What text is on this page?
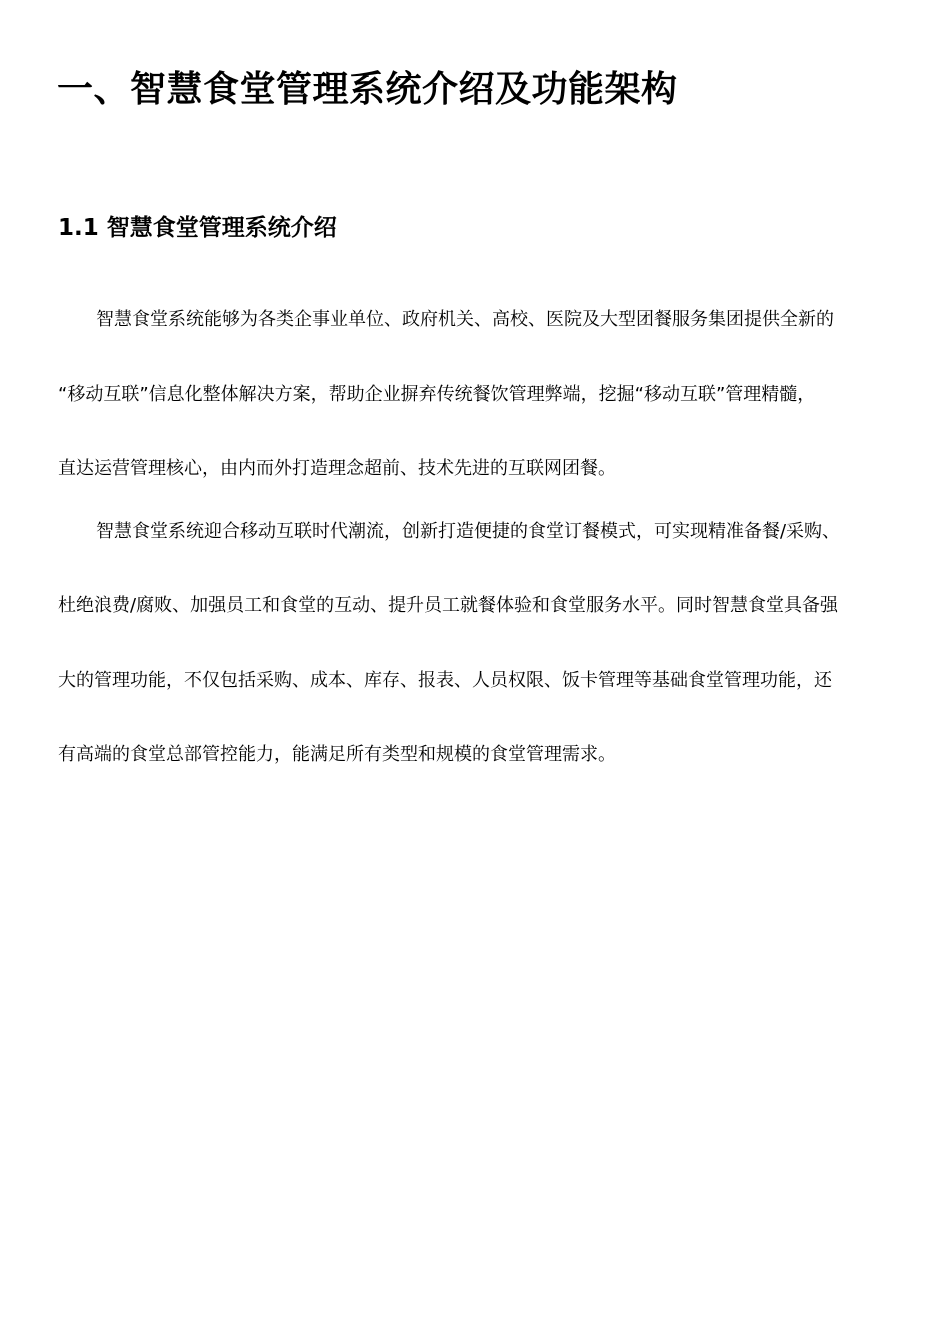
一、智慧食堂管理系统介绍及功能架构
1.1 智慧食堂管理系统介绍

智慧食堂系统能够为各类企事业单位、政府机关、高校、医院及大型团餐服务集团提供全新的

“移动互联”信息化整体解决方案，帮助企业摒弃传统餐饮管理弊端，挖掘“移动互联”管理精髓，

直达运营管理核心，由内而外打造理念超前、技术先进的互联网团餐。

智慧食堂系统迎合移动互联时代潮流，创新打造便捷的食堂订餐模式，可实现精准备餐/采购、

杜绝浪费/腐败、加强员工和食堂的互动、提升员工就餐体验和食堂服务水平。同时智慧食堂具备强

大的管理功能，不仅包括采购、成本、库存、报表、人员权限、饭卡管理等基础食堂管理功能，还

有高端的食堂总部管控能力，能满足所有类型和规模的食堂管理需求。
